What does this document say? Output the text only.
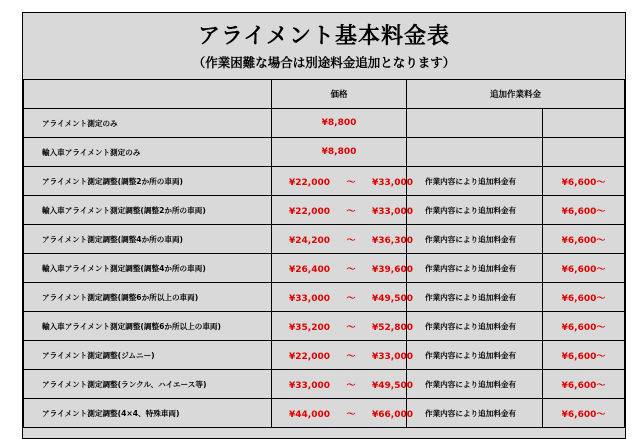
アライメント基本料金表
（作業困難な場合は別途料金追加となります）
	価格	追加作業料金	
アライメント測定のみ	¥8,800		
輸入車アライメント測定のみ	¥8,800		
アライメント測定調整(調整2か所の車両)	¥22,000 ～ ¥33,000	作業内容により追加料金有	¥6,600～
輸入車アライメント測定調整(調整2か所の車両)	¥22,000 ～ ¥33,000	作業内容により追加料金有	¥6,600～
アライメント測定調整(調整4か所の車両)	¥24,200 ～ ¥36,300	作業内容により追加料金有	¥6,600～
輸入車アライメント測定調整(調整4か所の車両)	¥26,400 ～ ¥39,600	作業内容により追加料金有	¥6,600～
アライメント測定調整(調整6か所以上の車両)	¥33,000 ～ ¥49,500	作業内容により追加料金有	¥6,600～
輸入車アライメント測定調整(調整6か所以上の車両)	¥35,200 ～ ¥52,800	作業内容により追加料金有	¥6,600～
アライメント測定調整(ジムニー)	¥22,000 ～ ¥33,000	作業内容により追加料金有	¥6,600～
アライメント測定調整(ランクル、ハイエース等)	¥33,000 ～ ¥49,500	作業内容により追加料金有	¥6,600～
アライメント測定調整(4×4、特殊車両)	¥44,000 ～ ¥66,000	作業内容により追加料金有	¥6,600～
